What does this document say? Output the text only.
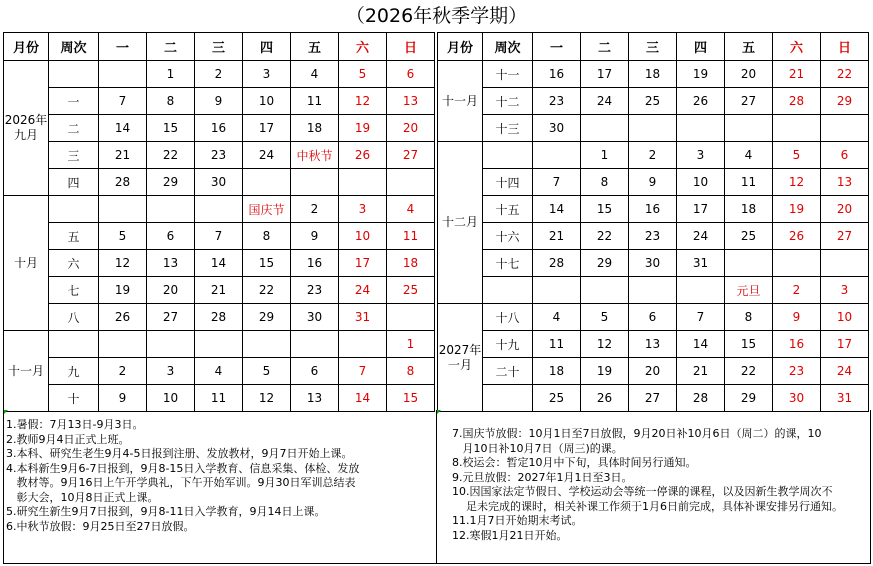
（2026年秋季学期）
月份	周次	一	二	三	四	五	六	日		月份	周次	一	二	三	四	五	六	日
2026年 九月			1	2	3	4	5	6		十一月	十一	16	17	18	19	20	21	22
	一	7	8	9	10	11	12	13			十二	23	24	25	26	27	28	29
	二	14	15	16	17	18	19	20			十三	30						
	三	21	22	23	24	中秋节	26	27		十二月			1	2	3	4	5	6
	四	28	29	30							十四	7	8	9	10	11	12	13
十月					国庆节	2	3	4			十五	14	15	16	17	18	19	20
	五	5	6	7	8	9	10	11			十六	21	22	23	24	25	26	27
	六	12	13	14	15	16	17	18			十七	28	29	30	31			
	七	19	20	21	22	23	24	25								元旦	2	3
	八	26	27	28	29	30	31			2027年 一月	十八	4	5	6	7	8	9	10
十一月								1			十九	11	12	13	14	15	16	17
	九	2	3	4	5	6	7	8			二十	18	19	20	21	22	23	24
	十	9	10	11	12	13	14	15				25	26	27	28	29	30	31
1.暑假：7月13日-9月3日。
2.教师9月4日正式上班。
3.本科、研究生老生9月4-5日报到注册、发放教材，9月7日开始上课。
4.本科新生9月6-7日报到，9月8-15日入学教育、信息采集、体检、发放
教材等。9月16日上午开学典礼，下午开始军训。9月30日军训总结表
彰大会，10月8日正式上课。
5.研究生新生9月7日报到，9月8-11日入学教育，9月14日上课。
6.中秋节放假：9月25日至27日放假。
7.国庆节放假：10月1日至7日放假，9月20日补10月6日（周二）的课，10
月10日补10月7日（周三)的课。
8.校运会：暂定10月中下旬，具体时间另行通知。
9.元旦放假：2027年1月1日至3日。
10.因国家法定节假日、学校运动会等统一停课的课程，以及因新生教学周次不
足未完成的课时，相关补课工作须于1月6日前完成，具体补课安排另行通知。
11.1月7日开始期末考试。
12.寒假1月21日开始。
